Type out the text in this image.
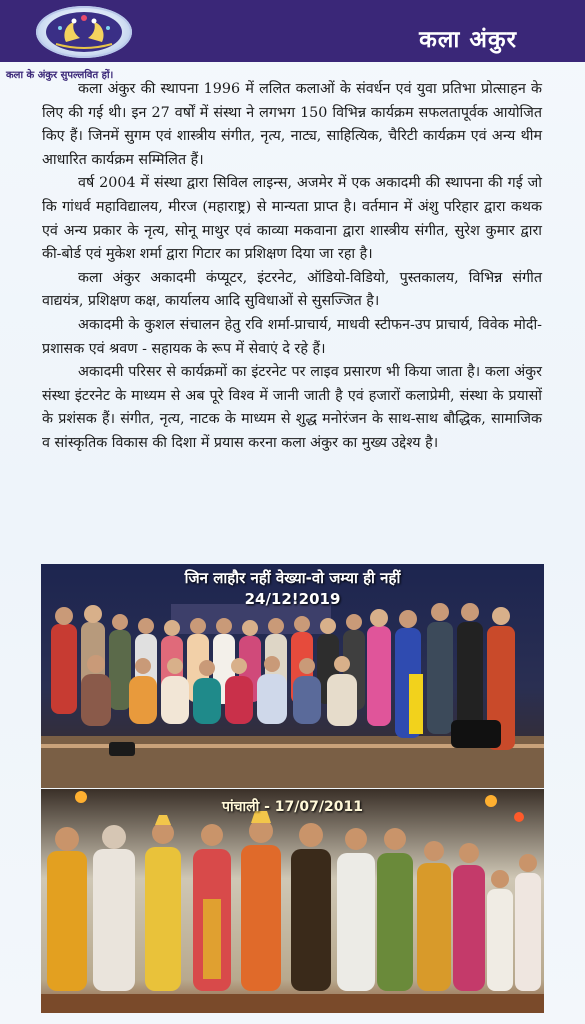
कला अंकुर
कला के अंकुर सुपल्लवित हों।

कला अंकुर की स्थापना 1996 में ललित कलाओं के संवर्धन एवं युवा प्रतिभा प्रोत्साहन के लिए की गई थी। इन 27 वर्षों में संस्था ने लगभग 150 विभिन्न कार्यक्रम सफलतापूर्वक आयोजित किए हैं। जिनमें सुगम एवं शास्त्रीय संगीत, नृत्य, नाट्य, साहित्यिक, चैरिटी कार्यक्रम एवं अन्य थीम आधारित कार्यक्रम सम्मिलित हैं।

वर्ष 2004 में संस्था द्वारा सिविल लाइन्स, अजमेर में एक अकादमी की स्थापना की गई जो कि गांधर्व महाविद्यालय, मीरज (महाराष्ट्र) से मान्यता प्राप्त है। वर्तमान में अंशु परिहार द्वारा कथक एवं अन्य प्रकार के नृत्य, सोनू माथुर एवं काव्या मकवाना द्वारा शास्त्रीय संगीत, सुरेश कुमार द्वारा की-बोर्ड एवं मुकेश शर्मा द्वारा गिटार का प्रशिक्षण दिया जा रहा है।

कला अंकुर अकादमी कंप्यूटर, इंटरनेट, ऑडियो-विडियो, पुस्तकालय, विभिन्न संगीत वाद्ययंत्र, प्रशिक्षण कक्ष, कार्यालय आदि सुविधाओं से सुसज्जित है।

अकादमी के कुशल संचालन हेतु रवि शर्मा-प्राचार्य, माधवी स्टीफन-उप प्राचार्य, विवेक मोदी-प्रशासक एवं श्रवण - सहायक के रूप में सेवाएं दे रहे हैं।

अकादमी परिसर से कार्यक्रमों का इंटरनेट पर लाइव प्रसारण भी किया जाता है। कला अंकुर संस्था इंटरनेट के माध्यम से अब पूरे विश्व में जानी जाती है एवं हजारों कलाप्रेमी, संस्था के प्रयासों के प्रशंसक हैं। संगीत, नृत्य, नाटक के माध्यम से शुद्ध मनोरंजन के साथ-साथ बौद्धिक, सामाजिक व सांस्कृतिक विकास की दिशा में प्रयास करना कला अंकुर का मुख्य उद्देश्य है।

जिन लाहौर नहीं वेख्या-वो जम्या ही नहीं
24/12!2019
पांचाली - 17/07/2011
